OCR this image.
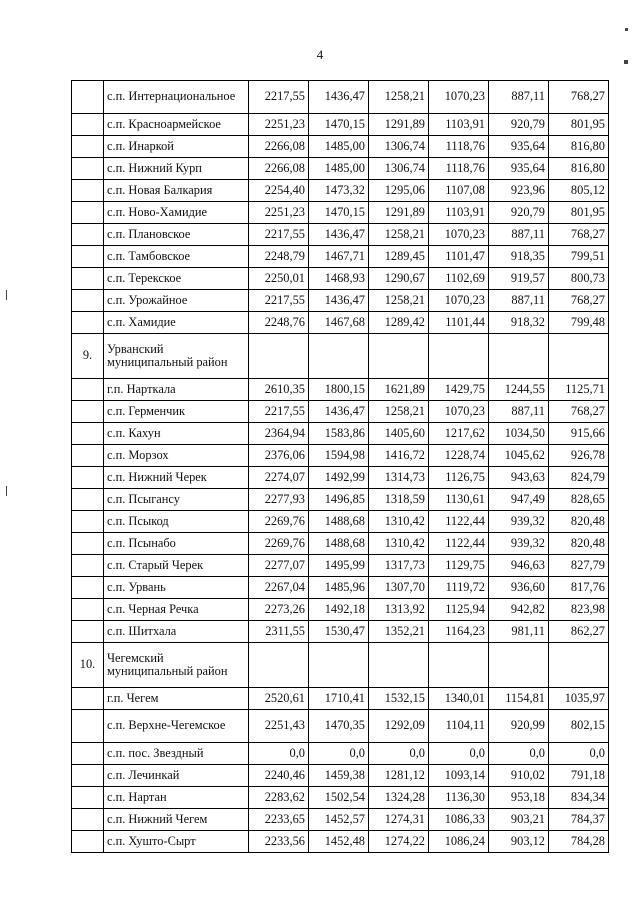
4
	с.п. Интернациональное	2217,55	1436,47	1258,21	1070,23	887,11	768,27
	с.п. Красноармейское	2251,23	1470,15	1291,89	1103,91	920,79	801,95
	с.п. Инаркой	2266,08	1485,00	1306,74	1118,76	935,64	816,80
	с.п. Нижний Курп	2266,08	1485,00	1306,74	1118,76	935,64	816,80
	с.п. Новая Балкария	2254,40	1473,32	1295,06	1107,08	923,96	805,12
	с.п. Ново-Хамидие	2251,23	1470,15	1291,89	1103,91	920,79	801,95
	с.п. Плановское	2217,55	1436,47	1258,21	1070,23	887,11	768,27
	с.п. Тамбовское	2248,79	1467,71	1289,45	1101,47	918,35	799,51
	с.п. Терекское	2250,01	1468,93	1290,67	1102,69	919,57	800,73
	с.п. Урожайное	2217,55	1436,47	1258,21	1070,23	887,11	768,27
	с.п. Хамидие	2248,76	1467,68	1289,42	1101,44	918,32	799,48
9.	Урванский муниципальный район						
	г.п. Нарткала	2610,35	1800,15	1621,89	1429,75	1244,55	1125,71
	с.п. Герменчик	2217,55	1436,47	1258,21	1070,23	887,11	768,27
	с.п. Кахун	2364,94	1583,86	1405,60	1217,62	1034,50	915,66
	с.п. Морзох	2376,06	1594,98	1416,72	1228,74	1045,62	926,78
	с.п. Нижний Черек	2274,07	1492,99	1314,73	1126,75	943,63	824,79
	с.п. Псыгансу	2277,93	1496,85	1318,59	1130,61	947,49	828,65
	с.п. Псыкод	2269,76	1488,68	1310,42	1122,44	939,32	820,48
	с.п. Псынабо	2269,76	1488,68	1310,42	1122,44	939,32	820,48
	с.п. Старый Черек	2277,07	1495,99	1317,73	1129,75	946,63	827,79
	с.п. Урвань	2267,04	1485,96	1307,70	1119,72	936,60	817,76
	с.п. Черная Речка	2273,26	1492,18	1313,92	1125,94	942,82	823,98
	с.п. Шитхала	2311,55	1530,47	1352,21	1164,23	981,11	862,27
10.	Чегемский муниципальный район						
	г.п. Чегем	2520,61	1710,41	1532,15	1340,01	1154,81	1035,97
	с.п. Верхне-Чегемское	2251,43	1470,35	1292,09	1104,11	920,99	802,15
	с.п. пос. Звездный	0,0	0,0	0,0	0,0	0,0	0,0
	с.п. Лечинкай	2240,46	1459,38	1281,12	1093,14	910,02	791,18
	с.п. Нартан	2283,62	1502,54	1324,28	1136,30	953,18	834,34
	с.п. Нижний Чегем	2233,65	1452,57	1274,31	1086,33	903,21	784,37
	с.п. Хушто-Сырт	2233,56	1452,48	1274,22	1086,24	903,12	784,28
